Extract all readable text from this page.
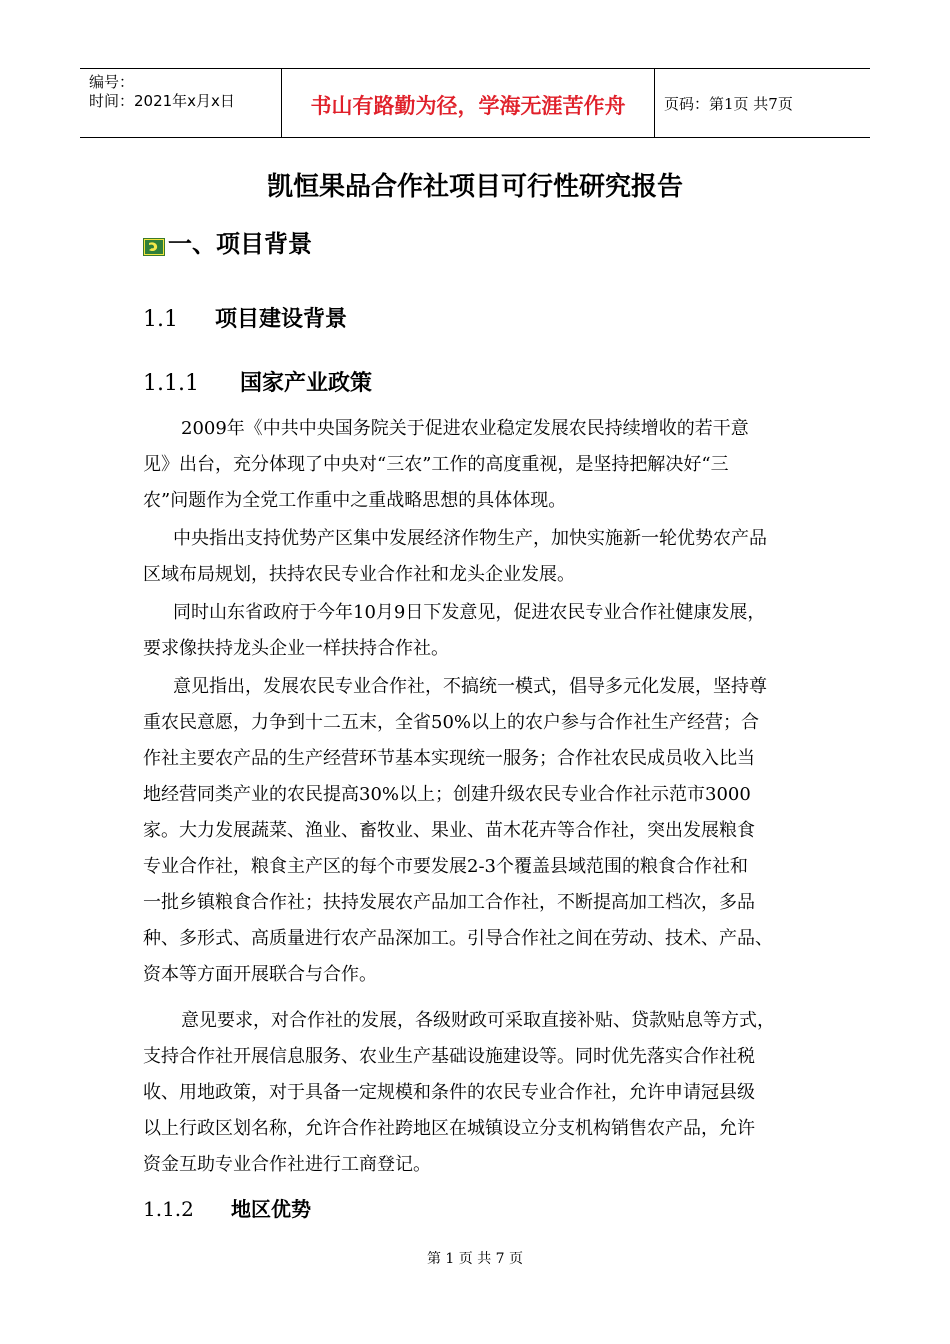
编号：
时间：2021年x月x日	书山有路勤为径，学海无涯苦作舟	页码：第1页 共7页
凯恒果品合作社项目可行性研究报告
一、项目背景
1.1 项目建设背景
1.1.1 国家产业政策
2009年《中共中央国务院关于促进农业稳定发展农民持续增收的若干意
见》出台，充分体现了中央对“三农”工作的高度重视，是坚持把解决好“三
农”问题作为全党工作重中之重战略思想的具体体现。
中央指出支持优势产区集中发展经济作物生产，加快实施新一轮优势农产品
区域布局规划，扶持农民专业合作社和龙头企业发展。
同时山东省政府于今年10月9日下发意见，促进农民专业合作社健康发展，
要求像扶持龙头企业一样扶持合作社。
意见指出，发展农民专业合作社，不搞统一模式，倡导多元化发展，坚持尊
重农民意愿，力争到十二五末，全省50%以上的农户参与合作社生产经营；合
作社主要农产品的生产经营环节基本实现统一服务；合作社农民成员收入比当
地经营同类产业的农民提高30%以上；创建升级农民专业合作社示范市3000
家。大力发展蔬菜、渔业、畜牧业、果业、苗木花卉等合作社，突出发展粮食
专业合作社，粮食主产区的每个市要发展2-3个覆盖县域范围的粮食合作社和
一批乡镇粮食合作社；扶持发展农产品加工合作社，不断提高加工档次，多品
种、多形式、高质量进行农产品深加工。引导合作社之间在劳动、技术、产品、
资本等方面开展联合与合作。
意见要求，对合作社的发展，各级财政可采取直接补贴、贷款贴息等方式，
支持合作社开展信息服务、农业生产基础设施建设等。同时优先落实合作社税
收、用地政策，对于具备一定规模和条件的农民专业合作社，允许申请冠县级
以上行政区划名称，允许合作社跨地区在城镇设立分支机构销售农产品，允许
资金互助专业合作社进行工商登记。
1.1.2 地区优势
第 1 页 共 7 页
